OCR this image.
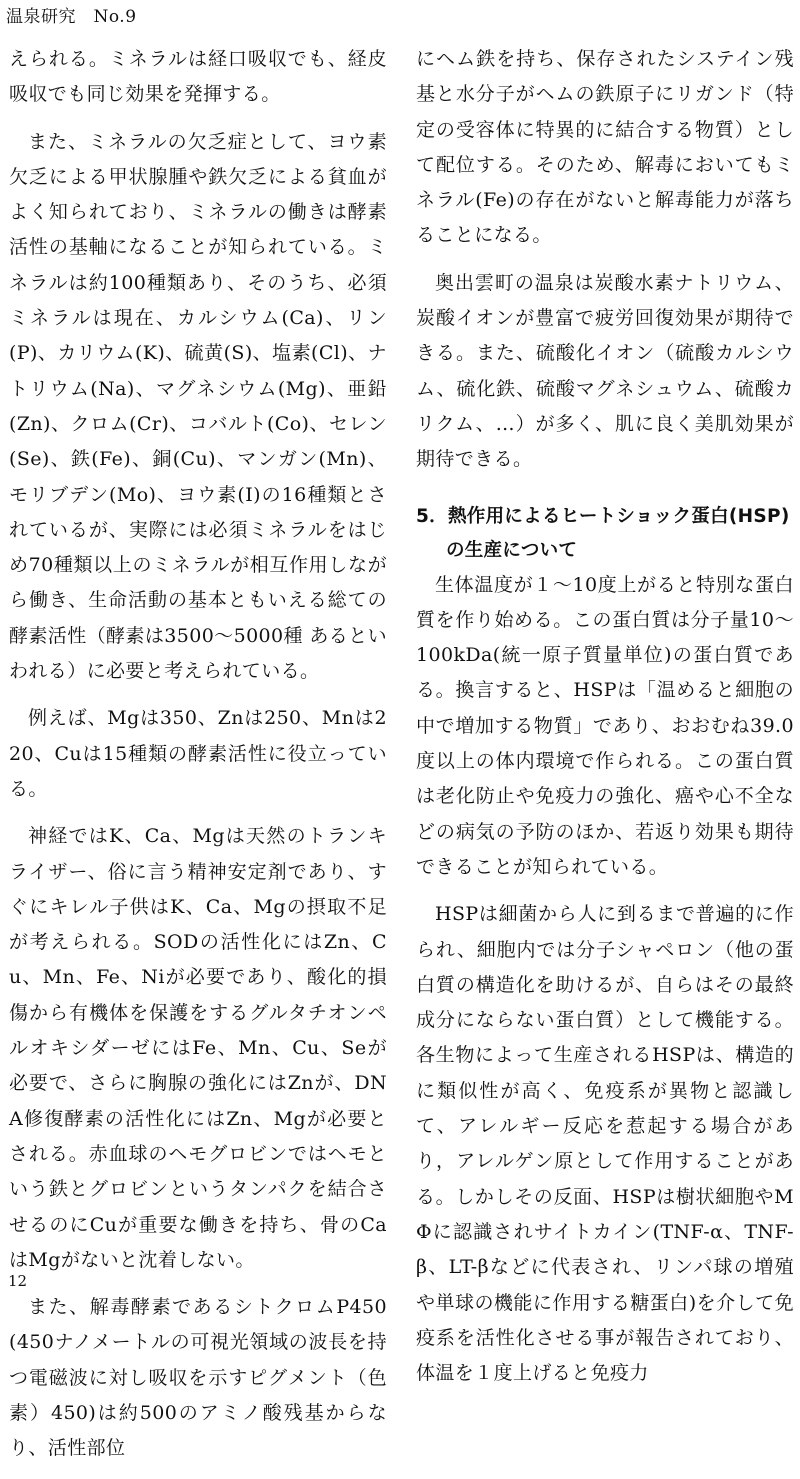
温泉研究　No.9

えられる。ミネラルは経口吸収でも、経皮吸収でも同じ効果を発揮する。

また、ミネラルの欠乏症として、ヨウ素欠乏による甲状腺腫や鉄欠乏による貧血がよく知られており、ミネラルの働きは酵素活性の基軸になることが知られている。ミネラルは約100種類あり、そのうち、必須ミネラルは現在、カルシウム(Ca)、リン(P)、カリウム(K)、硫黄(S)、塩素(Cl)、ナトリウム(Na)、マグネシウム(Mg)、亜鉛(Zn)、クロム(Cr)、コバルト(Co)、セレン(Se)、鉄(Fe)、銅(Cu)、マンガン(Mn)、モリブデン(Mo)、ヨウ素(I)の16種類とされているが、実際には必須ミネラルをはじめ70種類以上のミネラルが相互作用しながら働き、生命活動の基本ともいえる総ての酵素活性（酵素は3500～5000種 あるといわれる）に必要と考えられている。

例えば、Mgは350、Znは250、Mnは220、Cuは15種類の酵素活性に役立っている。

神経ではK、Ca、Mgは天然のトランキライザー、俗に言う精神安定剤であり、すぐにキレル子供はK、Ca、Mgの摂取不足が考えられる。SODの活性化にはZn、Cu、Mn、Fe、Niが必要であり、酸化的損傷から有機体を保護をするグルタチオンペルオキシダーゼにはFe、Mn、Cu、Seが必要で、さらに胸腺の強化にはZnが、DNA修復酵素の活性化にはZn、Mgが必要とされる。赤血球のヘモグロビンではヘモという鉄とグロビンというタンパクを結合させるのにCuが重要な働きを持ち、骨のCaはMgがないと沈着しない。

また、解毒酵素であるシトクロムP450(450ナノメートルの可視光領域の波長を持つ電磁波に対し吸収を示すピグメント（色素）450)は約500のアミノ酸残基からなり、活性部位

にヘム鉄を持ち、保存されたシステイン残基と水分子がヘムの鉄原子にリガンド（特定の受容体に特異的に結合する物質）として配位する。そのため、解毒においてもミネラル(Fe)の存在がないと解毒能力が落ちることになる。

奥出雲町の温泉は炭酸水素ナトリウム、炭酸イオンが豊富で疲労回復効果が期待できる。また、硫酸化イオン（硫酸カルシウム、硫化鉄、硫酸マグネシュウム、硫酸カリクム、…）が多く、肌に良く美肌効果が期待できる。

5．熱作用によるヒートショック蛋白(HSP)
の生産について

生体温度が１～10度上がると特別な蛋白質を作り始める。この蛋白質は分子量10～100kDa(統一原子質量単位)の蛋白質である。換言すると、HSPは「温めると細胞の中で増加する物質」であり、おおむね39.0度以上の体内環境で作られる。この蛋白質は老化防止や免疫力の強化、癌や心不全などの病気の予防のほか、若返り効果も期待できることが知られている。

HSPは細菌から人に到るまで普遍的に作られ、細胞内では分子シャペロン（他の蛋白質の構造化を助けるが、自らはその最終成分にならない蛋白質）として機能する。各生物によって生産されるHSPは、構造的に類似性が高く、免疫系が異物と認識して、アレルギー反応を惹起する場合があり，アレルゲン原として作用することがある。しかしその反面、HSPは樹状細胞やMΦに認識されサイトカイン(TNF-α、TNF-β、LT-βなどに代表され、リンパ球の増殖や単球の機能に作用する糖蛋白)を介して免疫系を活性化させる事が報告されており、体温を１度上げると免疫力

12
